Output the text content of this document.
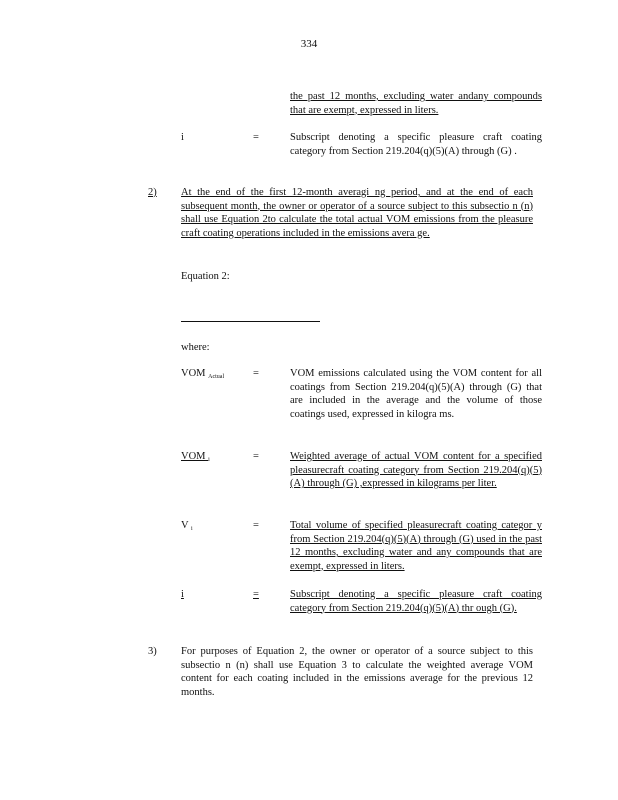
334
the past 12 months, excluding water andany compounds that are exempt, expressed in liters.
i	=	Subscript denoting a specific pleasure craft coating category from Section 219.204(q)(5)(A) through (G) .
2) At the end of the first 12-month averagi ng period, and at the end of each subsequent month, the owner or operator of a source subject to this subsectio n (n) shall use Equation 2to calculate the total actual VOM emissions from the pleasure craft coating operations included in the emissions avera ge.
Equation 2:
where:
VOM $_{Actual}$	=	VOM emissions calculated using the VOM content for all coatings from Section 219.204(q)(5)(A) through (G) that are included in the average and the volume of those coatings used, expressed in kilogra ms.
VOM $_i$	=	Weighted average of actual VOM content for a specified pleasurecraft coating category from Section 219.204(q)(5)(A) through (G) ,expressed in kilograms per liter.
V $_i$	=	Total volume of specified pleasurecraft coating categor y from Section 219.204(q)(5)(A) through (G) used in the past 12 months, excluding water and any compounds that are exempt, expressed in liters.
i	=	Subscript denoting a specific pleasure craft coating category from Section 219.204(q)(5)(A) thr ough (G).
3) For purposes of Equation 2, the owner or operator of a source subject to this subsectio n (n) shall use Equation 3 to calculate the weighted average VOM content for each coating included in the emissions average for the previous 12 months.
